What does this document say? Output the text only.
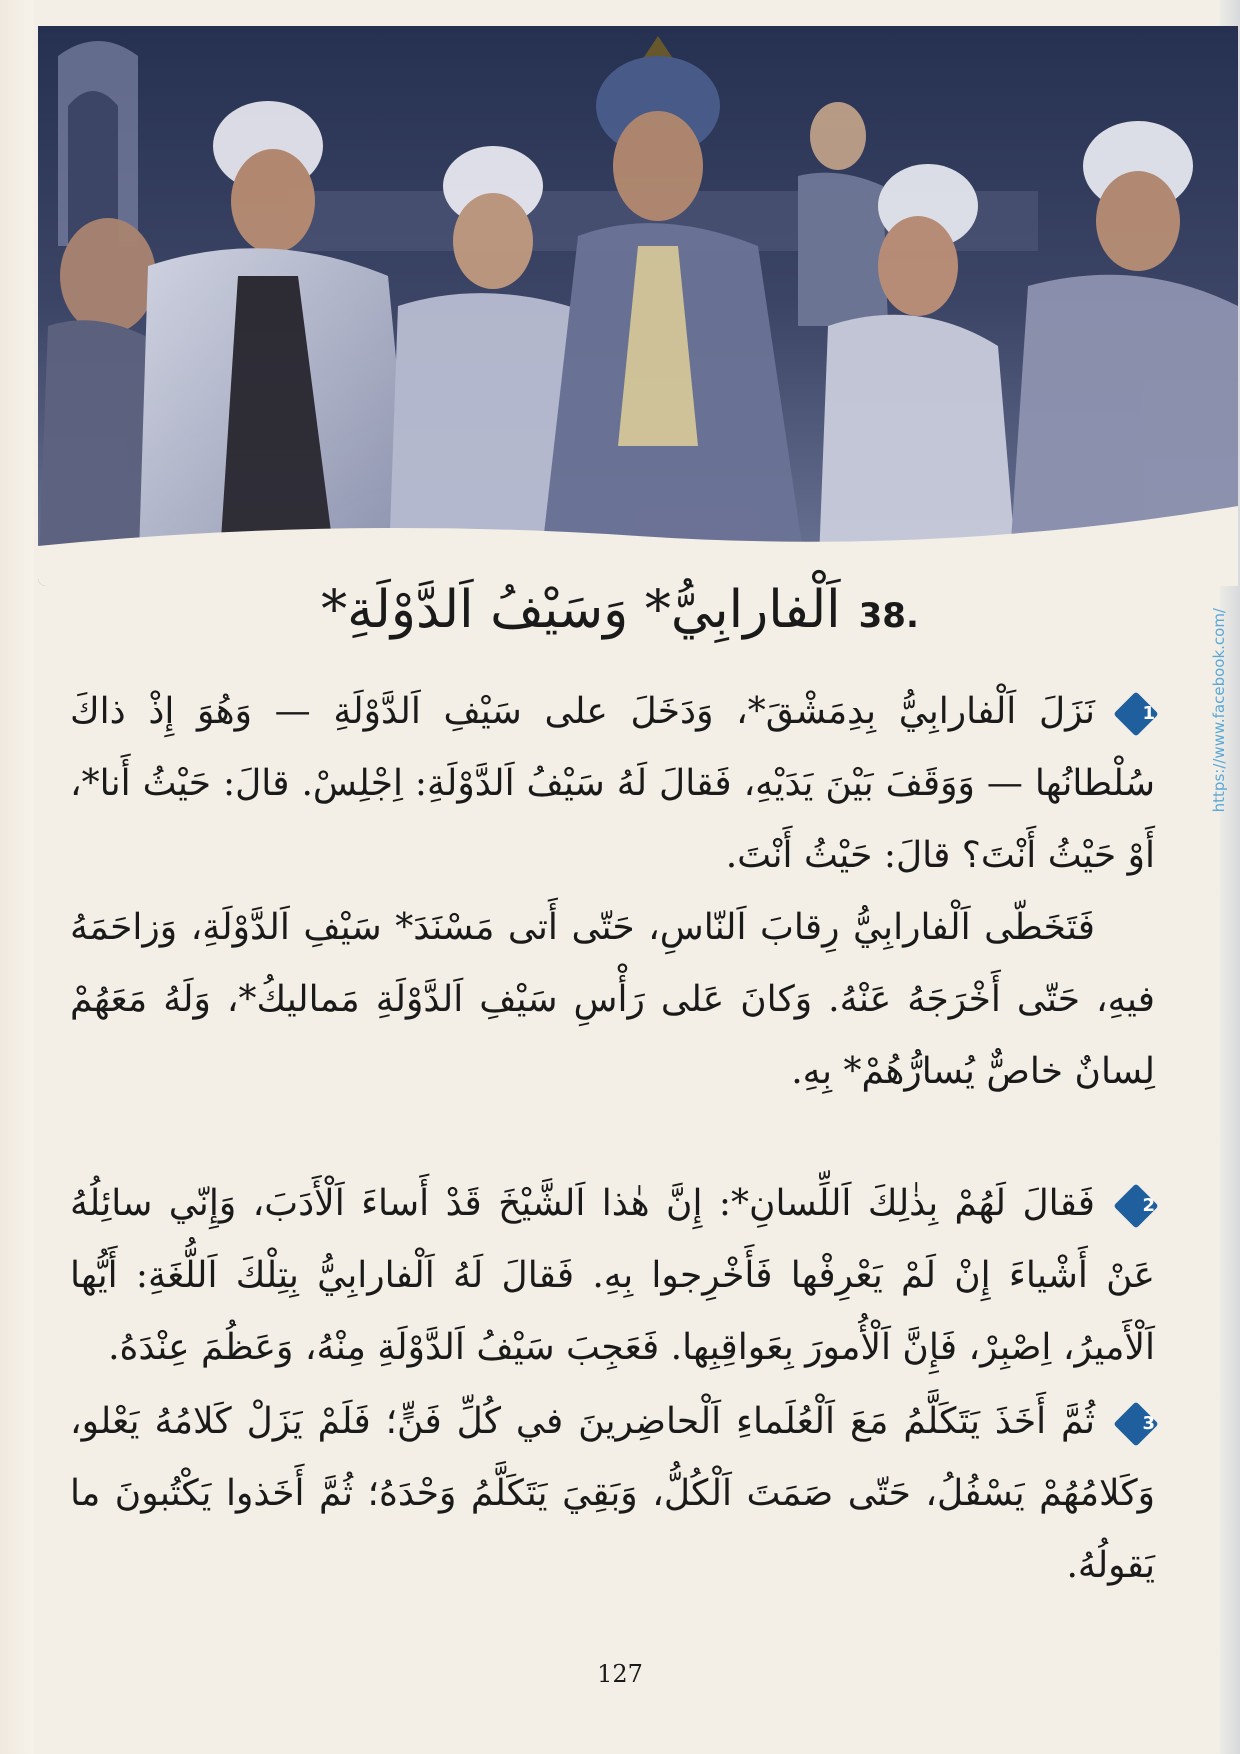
https://www.facebook.com/
38.
اَلْفارابِيُّ* وَسَيْفُ اَلدَّوْلَةِ*
1
نَزَلَ اَلْفارابِيُّ بِدِمَشْقَ*، وَدَخَلَ على سَيْفِ اَلدَّوْلَةِ — وَهُوَ إِذْ ذاكَ سُلْطانُها — وَوَقَفَ بَيْنَ يَدَيْهِ، فَقالَ لَهُ سَيْفُ اَلدَّوْلَةِ: اِجْلِسْ. قالَ: حَيْثُ أَنا*، أَوْ حَيْثُ أَنْتَ؟ قالَ: حَيْثُ أَنْتَ.
فَتَخَطّى اَلْفارابِيُّ رِقابَ اَلنّاسِ، حَتّى أَتى مَسْنَدَ* سَيْفِ اَلدَّوْلَةِ، وَزاحَمَهُ فيهِ، حَتّى أَخْرَجَهُ عَنْهُ. وَكانَ عَلى رَأْسِ سَيْفِ اَلدَّوْلَةِ مَماليكُ*، وَلَهُ مَعَهُمْ لِسانٌ خاصٌّ يُسارُّهُمْ* بِهِ.
2
فَقالَ لَهُمْ بِذٰلِكَ اَللِّسانِ*: إِنَّ هٰذا اَلشَّيْخَ قَدْ أَساءَ اَلْأَدَبَ، وَإِنّي سائِلُهُ عَنْ أَشْياءَ إِنْ لَمْ يَعْرِفْها فَأَخْرِجوا بِهِ. فَقالَ لَهُ اَلْفارابِيُّ بِتِلْكَ اَللُّغَةِ: أَيُّها اَلْأَميرُ، اِصْبِرْ، فَإِنَّ اَلْأُمورَ بِعَواقِبِها. فَعَجِبَ سَيْفُ اَلدَّوْلَةِ مِنْهُ، وَعَظُمَ عِنْدَهُ.
3
ثُمَّ أَخَذَ يَتَكَلَّمُ مَعَ اَلْعُلَماءِ اَلْحاضِرينَ في كُلِّ فَنٍّ؛ فَلَمْ يَزَلْ كَلامُهُ يَعْلو، وَكَلامُهُمْ يَسْفُلُ، حَتّى صَمَتَ اَلْكُلُّ، وَبَقِيَ يَتَكَلَّمُ وَحْدَهُ؛ ثُمَّ أَخَذوا يَكْتُبونَ ما يَقولُهُ.
127
